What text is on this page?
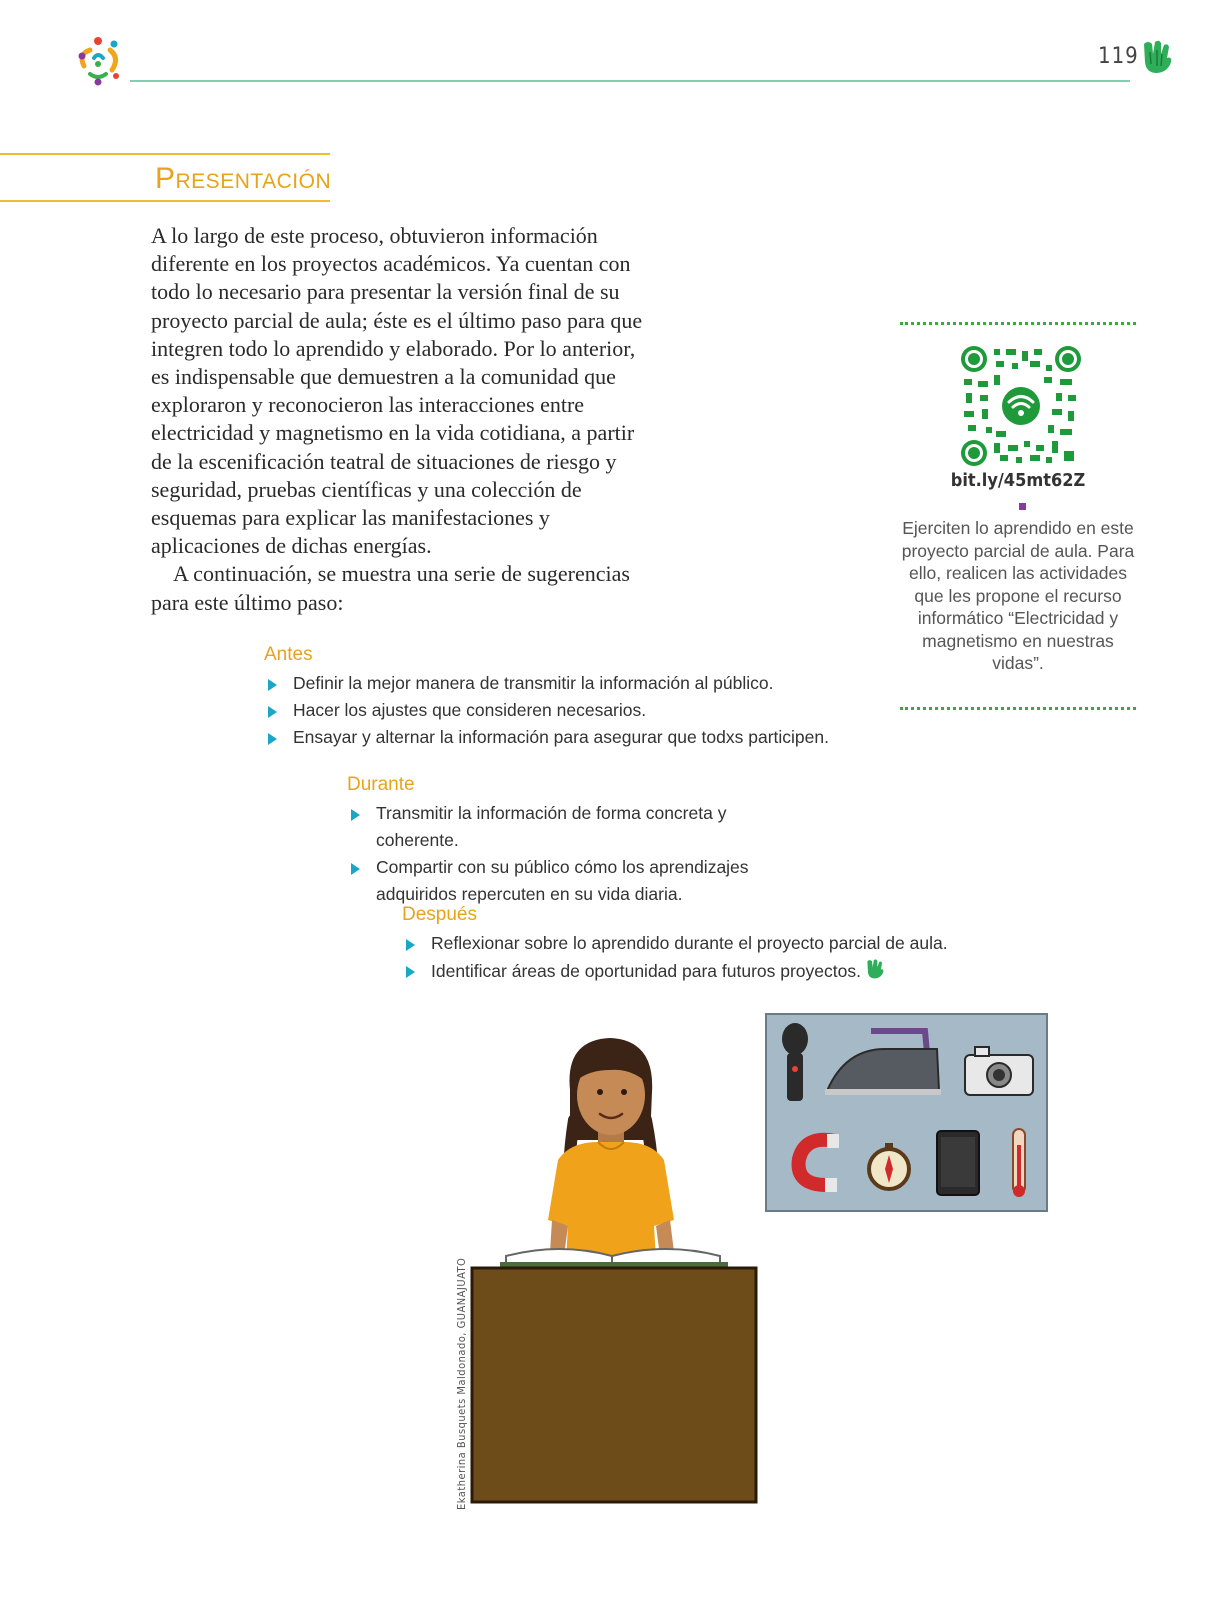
119
Presentación

A lo largo de este proceso, obtuvieron información diferente en los proyectos académicos. Ya cuentan con todo lo necesario para presentar la versión final de su proyecto parcial de aula; éste es el último paso para que integren todo lo aprendido y elaborado. Por lo anterior, es indispensable que demuestren a la comunidad que exploraron y reconocieron las interacciones entre electricidad y magnetismo en la vida cotidiana, a partir de la escenificación teatral de situaciones de riesgo y seguridad, pruebas científicas y una colección de esquemas para explicar las manifestaciones y aplicaciones de dichas energías.

A continuación, se muestra una serie de sugerencias para este último paso:

Antes
Definir la mejor manera de transmitir la información al público.
Hacer los ajustes que consideren necesarios.
Ensayar y alternar la información para asegurar que todxs participen.
Durante
Transmitir la información de forma concreta y coherente.
Compartir con su público cómo los aprendizajes adquiridos repercuten en su vida diaria.
Después
Reflexionar sobre lo aprendido durante el proyecto parcial de aula.
Identificar áreas de oportunidad para futuros proyectos.
bit.ly/45mt62Z
Ejerciten lo aprendido en este proyecto parcial de aula. Para ello, realicen las actividades que les propone el recurso informático “Electricidad y magnetismo en nuestras vidas”.
Ekatherina Busquets Maldonado, GUANAJUATO
